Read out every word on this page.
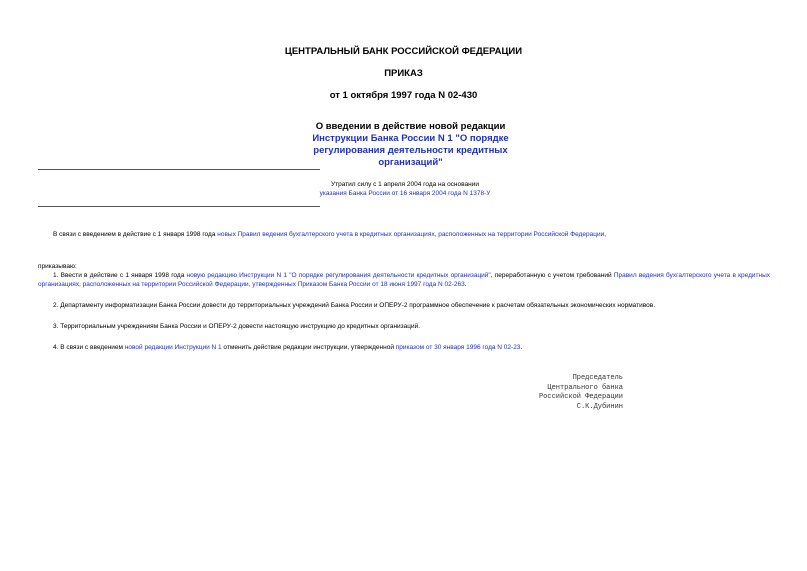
ЦЕНТРАЛЬНЫЙ БАНК РОССИЙСКОЙ ФЕДЕРАЦИИ
ПРИКАЗ
от 1 октября 1997 года N 02-430
О введении в действие новой редакции Инструкции Банка России N 1 "О порядке регулирования деятельности кредитных организаций"
Утратил силу с 1 апреля 2004 года на основании
указания Банка России от 16 января 2004 года N 1378-У
В связи с введением в действие с 1 января 1998 года новых Правил ведения бухгалтерского учета в кредитных организациях, расположенных на территории Российской Федерации,
приказываю:
1. Ввести в действие с 1 января 1998 года новую редакцию Инструкции N 1 "О порядке регулирования деятельности кредитных организаций", переработанную с учетом требований Правил ведения бухгалтерского учета в кредитных организациях, расположенных на территории Российской Федерации, утвержденных Приказом Банка России от 18 июня 1997 года N 02-263.
2. Департаменту информатизации Банка России довести до территориальных учреждений Банка России и ОПЕРУ-2 программное обеспечение к расчетам обязательных экономических нормативов.
3. Территориальным учреждениям Банка России и ОПЕРУ-2 довести настоящую инструкцию до кредитных организаций.
4. В связи с введением новой редакции Инструкции N 1 отменить действие редакции инструкции, утвержденной приказом от 30 января 1996 года N 02-23.
Председатель
Центрального банка
Российской Федерации
С.К.Дубинин
